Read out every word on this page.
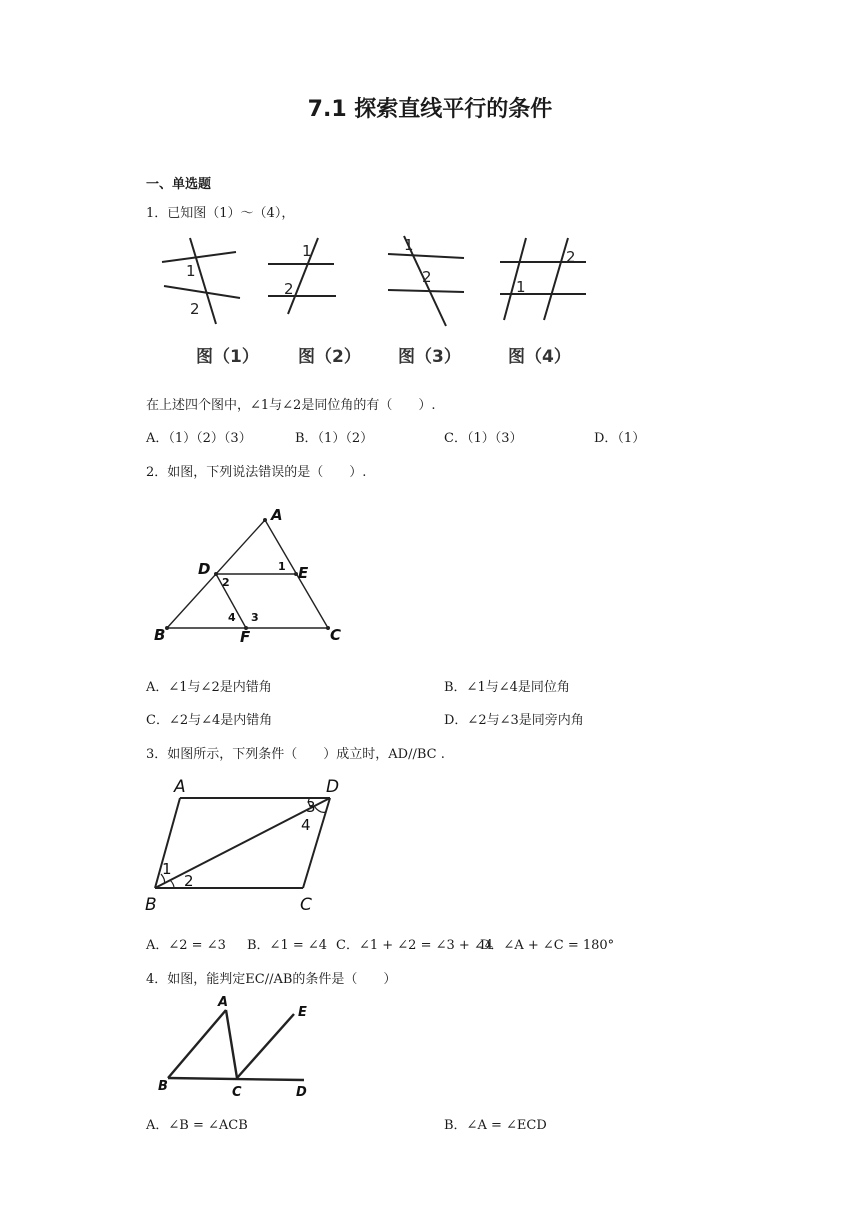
7.1 探索直线平行的条件
一、单选题
1．已知图（1）～（4），
1
2
1
2
1
2
1
2
图（1） 图（2） 图（3）	图（4）
在上述四个图中，∠1与∠2是同位角的有（　　）.
A．（1）（2）（3）	B．（1）（2）	C．（1）（3）	D．（1）
2．如图，下列说法错误的是（　　）.
A
D	E
B	F	C
1
2
3
4
A．∠1与∠2是内错角	B．∠1与∠4是同位角
C．∠2与∠4是内错角	D．∠2与∠3是同旁内角
3．如图所示，下列条件（　　）成立时，AD//BC .
A	D
B	C
1
2
3
4
A．∠2 = ∠3 B．∠1 = ∠4 C．∠1 + ∠2 = ∠3 + ∠4
D．∠A + ∠C = 180°
4．如图，能判定EC//AB的条件是（　　）
A
E
B	C	D
A．∠B = ∠ACB	B．∠A = ∠ECD
